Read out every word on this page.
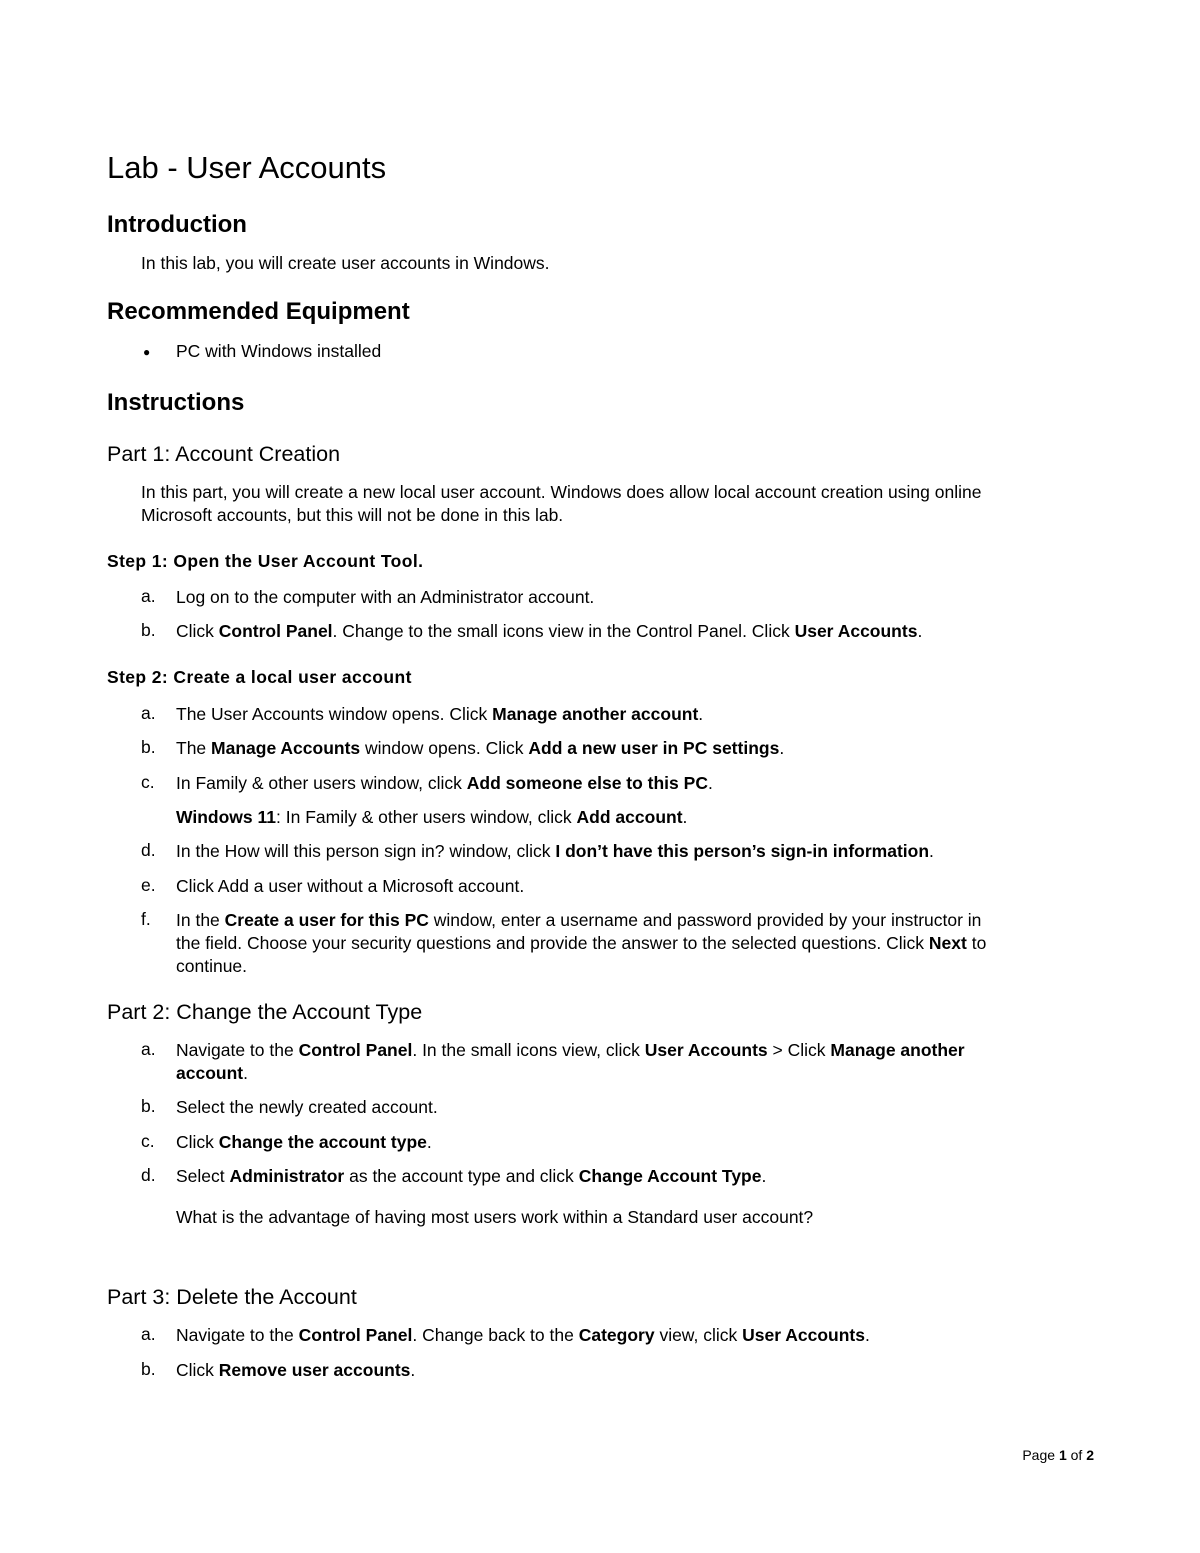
Lab - User Accounts
Introduction
In this lab, you will create user accounts in Windows.
Recommended Equipment
● PC with Windows installed
Instructions
Part 1: Account Creation
In this part, you will create a new local user account. Windows does allow local account creation using online
Microsoft accounts, but this will not be done in this lab.
Step 1: Open the User Account Tool.
a. Log on to the computer with an Administrator account.
b. Click Control Panel. Change to the small icons view in the Control Panel. Click User Accounts.
Step 2: Create a local user account
a. The User Accounts window opens. Click Manage another account.
b. The Manage Accounts window opens. Click Add a new user in PC settings.
c. In Family & other users window, click Add someone else to this PC.
Windows 11: In Family & other users window, click Add account.
d. In the How will this person sign in? window, click I don’t have this person’s sign-in information.
e. Click Add a user without a Microsoft account.
f. In the Create a user for this PC window, enter a username and password provided by your instructor in
the field. Choose your security questions and provide the answer to the selected questions. Click Next to
continue.
Part 2: Change the Account Type
a. Navigate to the Control Panel. In the small icons view, click User Accounts > Click Manage another
account.
b. Select the newly created account.
c. Click Change the account type.
d. Select Administrator as the account type and click Change Account Type.
What is the advantage of having most users work within a Standard user account?
Part 3: Delete the Account
a. Navigate to the Control Panel. Change back to the Category view, click User Accounts.
b. Click Remove user accounts.
Page 1 of 2
